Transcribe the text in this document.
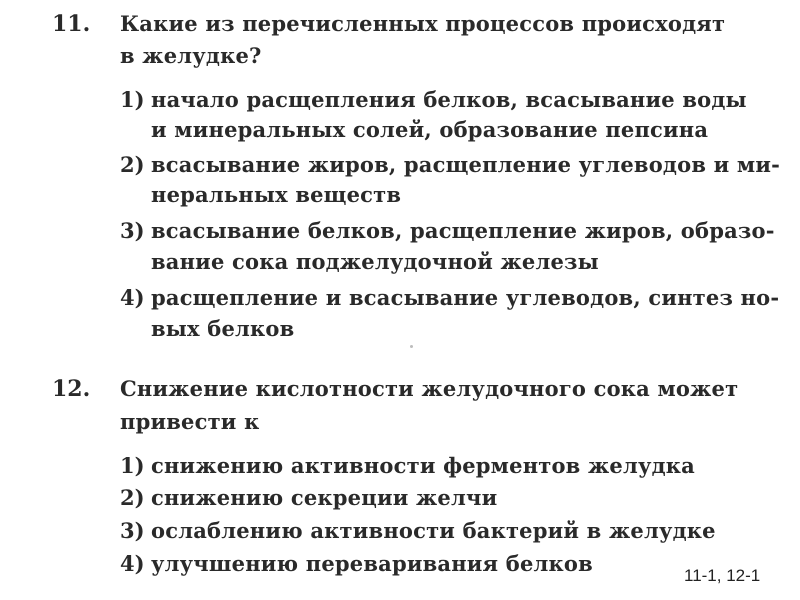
11. Какие из перечисленных процессов происходят
в желудке?
1) начало расщепления белков, всасывание воды
и минеральных солей, образование пепсина
2) всасывание жиров, расщепление углеводов и ми-
неральных веществ
3) всасывание белков, расщепление жиров, образо-
вание сока поджелудочной железы
4) расщепление и всасывание углеводов, синтез но-
вых белков
12. Снижение кислотности желудочного сока может
привести к
1) снижению активности ферментов желудка
2) снижению секреции желчи
3) ослаблению активности бактерий в желудке
4) улучшению переваривания белков	11-1, 12-1
